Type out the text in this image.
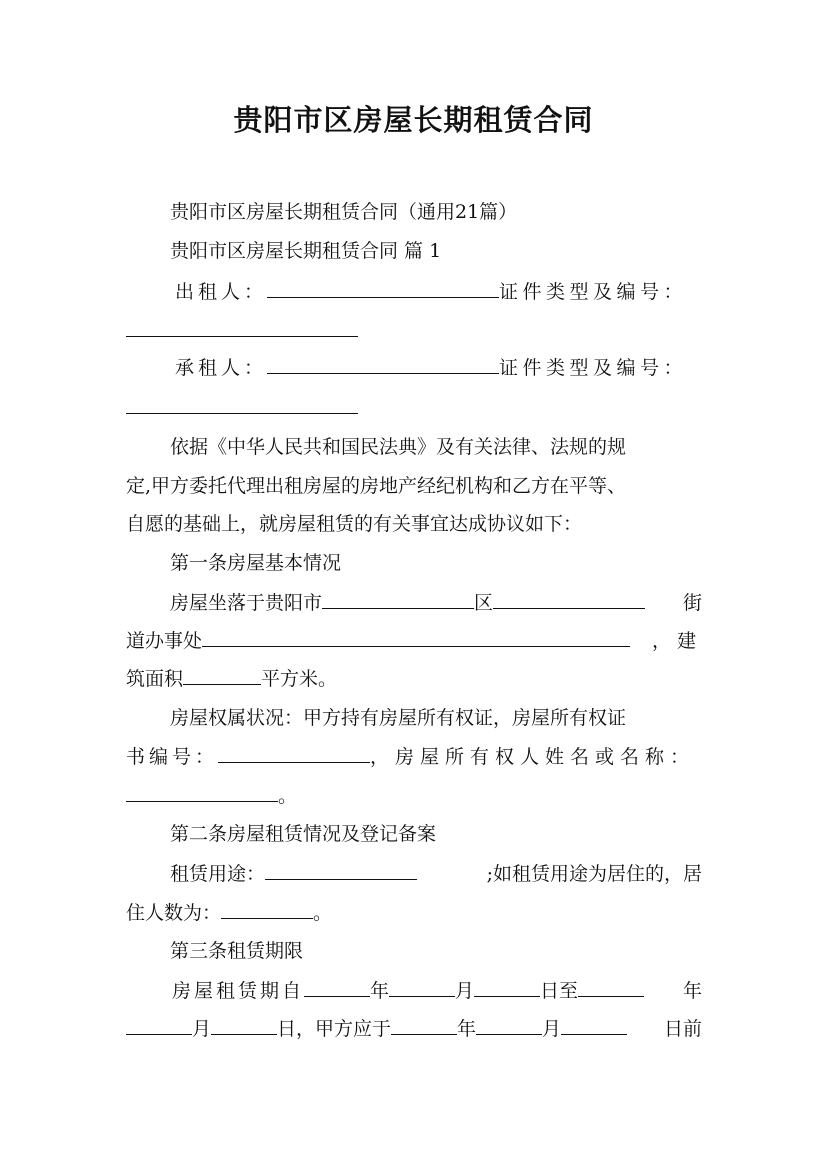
贵阳市区房屋长期租赁合同
贵阳市区房屋长期租赁合同（通用21篇）
贵阳市区房屋长期租赁合同 篇 1
出租人：	证件类型及编号：
承租人：	证件类型及编号：
依据《中华人民共和国民法典》及有关法律、法规的规
定,甲方委托代理出租房屋的房地产经纪机构和乙方在平等、
自愿的基础上，就房屋租赁的有关事宜达成协议如下：
第一条房屋基本情况
房屋坐落于贵阳市	区	街
道办事处	，建
筑面积	平方米。
房屋权属状况：甲方持有房屋所有权证，房屋所有权证
书编号：	，房屋所有权人姓名或名称：
。
第二条房屋租赁情况及登记备案
租赁用途：	;如租赁用途为居住的，居
住人数为：	。
第三条租赁期限
房屋租赁期自	年	月	日至	年
月	日，甲方应于	年	月	日前
